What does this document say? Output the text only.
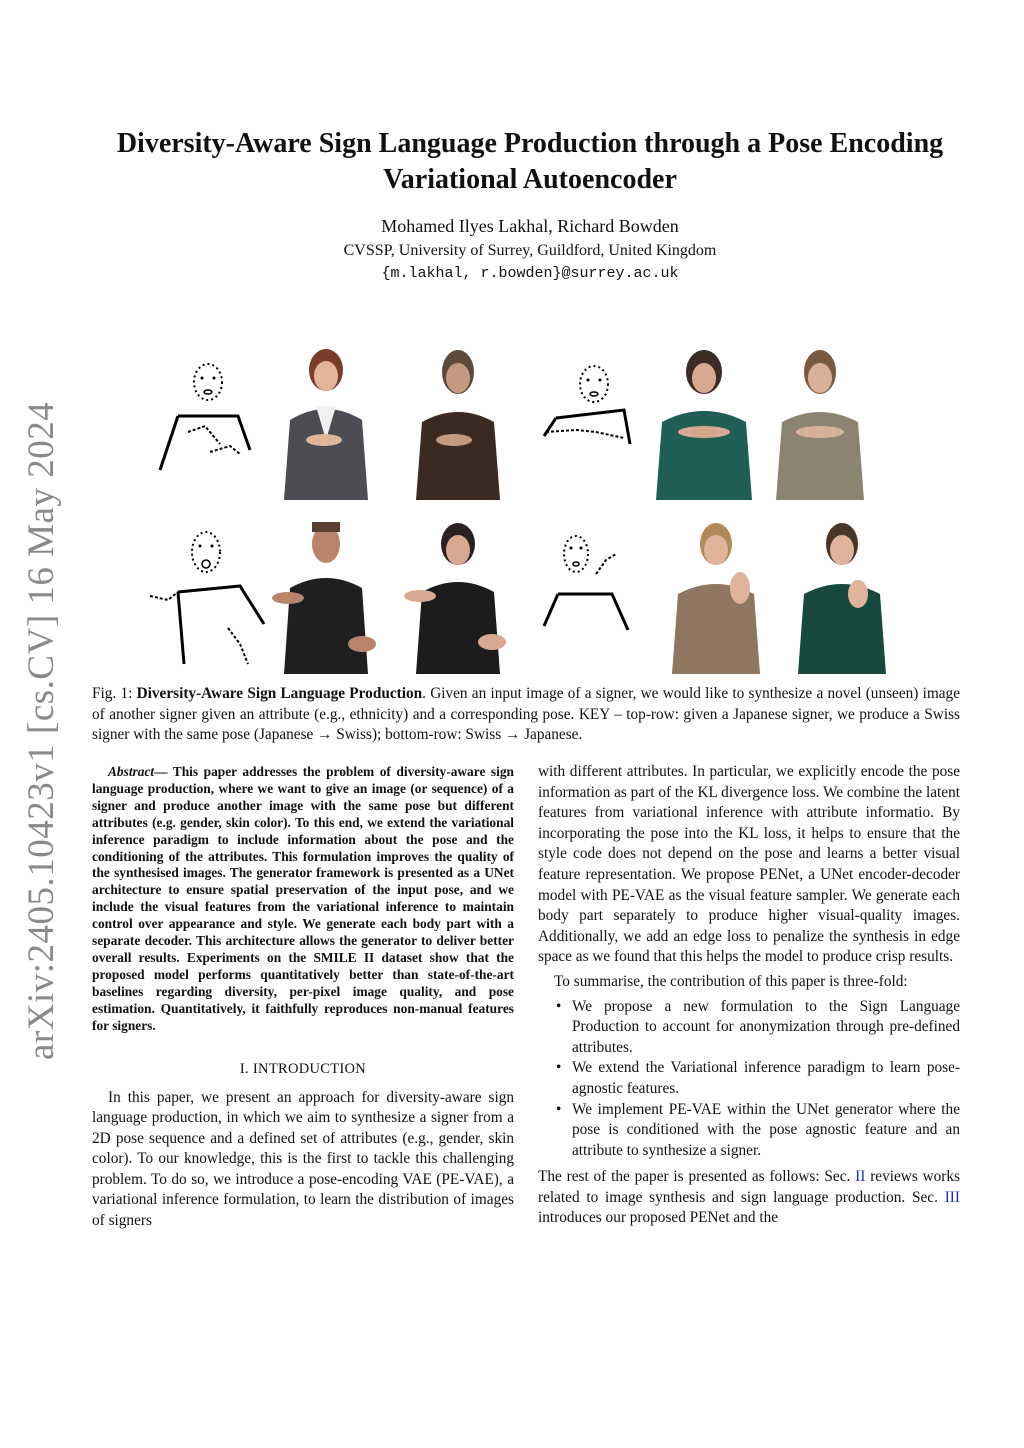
arXiv:2405.10423v1 [cs.CV] 16 May 2024
Diversity-Aware Sign Language Production through a Pose Encoding
Variational Autoencoder
Mohamed Ilyes Lakhal, Richard Bowden
CVSSP, University of Surrey, Guildford, United Kingdom
{m.lakhal, r.bowden}@surrey.ac.uk
Fig. 1: Diversity-Aware Sign Language Production. Given an input image of a signer, we would like to synthesize a novel (unseen) image of another signer given an attribute (e.g., ethnicity) and a corresponding pose. KEY – top-row: given a Japanese signer, we produce a Swiss signer with the same pose (Japanese → Swiss); bottom-row: Swiss → Japanese.
Abstract— This paper addresses the problem of diversity-aware sign language production, where we want to give an image (or sequence) of a signer and produce another image with the same pose but different attributes (e.g. gender, skin color). To this end, we extend the variational inference paradigm to include information about the pose and the conditioning of the attributes. This formulation improves the quality of the synthesised images. The generator framework is presented as a UNet architecture to ensure spatial preservation of the input pose, and we include the visual features from the variational inference to maintain control over appearance and style. We generate each body part with a separate decoder. This architecture allows the generator to deliver better overall results. Experiments on the SMILE II dataset show that the proposed model performs quantitatively better than state-of-the-art baselines regarding diversity, per-pixel image quality, and pose estimation. Quantitatively, it faithfully reproduces non-manual features for signers.
I. INTRODUCTION

In this paper, we present an approach for diversity-aware sign language production, in which we aim to synthesize a signer from a 2D pose sequence and a defined set of attributes (e.g., gender, skin color). To our knowledge, this is the first to tackle this challenging problem. To do so, we introduce a pose-encoding VAE (PE-VAE), a variational inference formulation, to learn the distribution of images of signers

with different attributes. In particular, we explicitly encode the pose information as part of the KL divergence loss. We combine the latent features from variational inference with attribute informatio. By incorporating the pose into the KL loss, it helps to ensure that the style code does not depend on the pose and learns a better visual feature representation. We propose PENet, a UNet encoder-decoder model with PE-VAE as the visual feature sampler. We generate each body part separately to produce higher visual-quality images. Additionally, we add an edge loss to penalize the synthesis in edge space as we found that this helps the model to produce crisp results.

To summarise, the contribution of this paper is three-fold:

• We propose a new formulation to the Sign Language Production to account for anonymization through pre-defined attributes.
• We extend the Variational inference paradigm to learn pose-agnostic features.
• We implement PE-VAE within the UNet generator where the pose is conditioned with the pose agnostic feature and an attribute to synthesize a signer.

The rest of the paper is presented as follows: Sec. II reviews works related to image synthesis and sign language production. Sec. III introduces our proposed PENet and the
